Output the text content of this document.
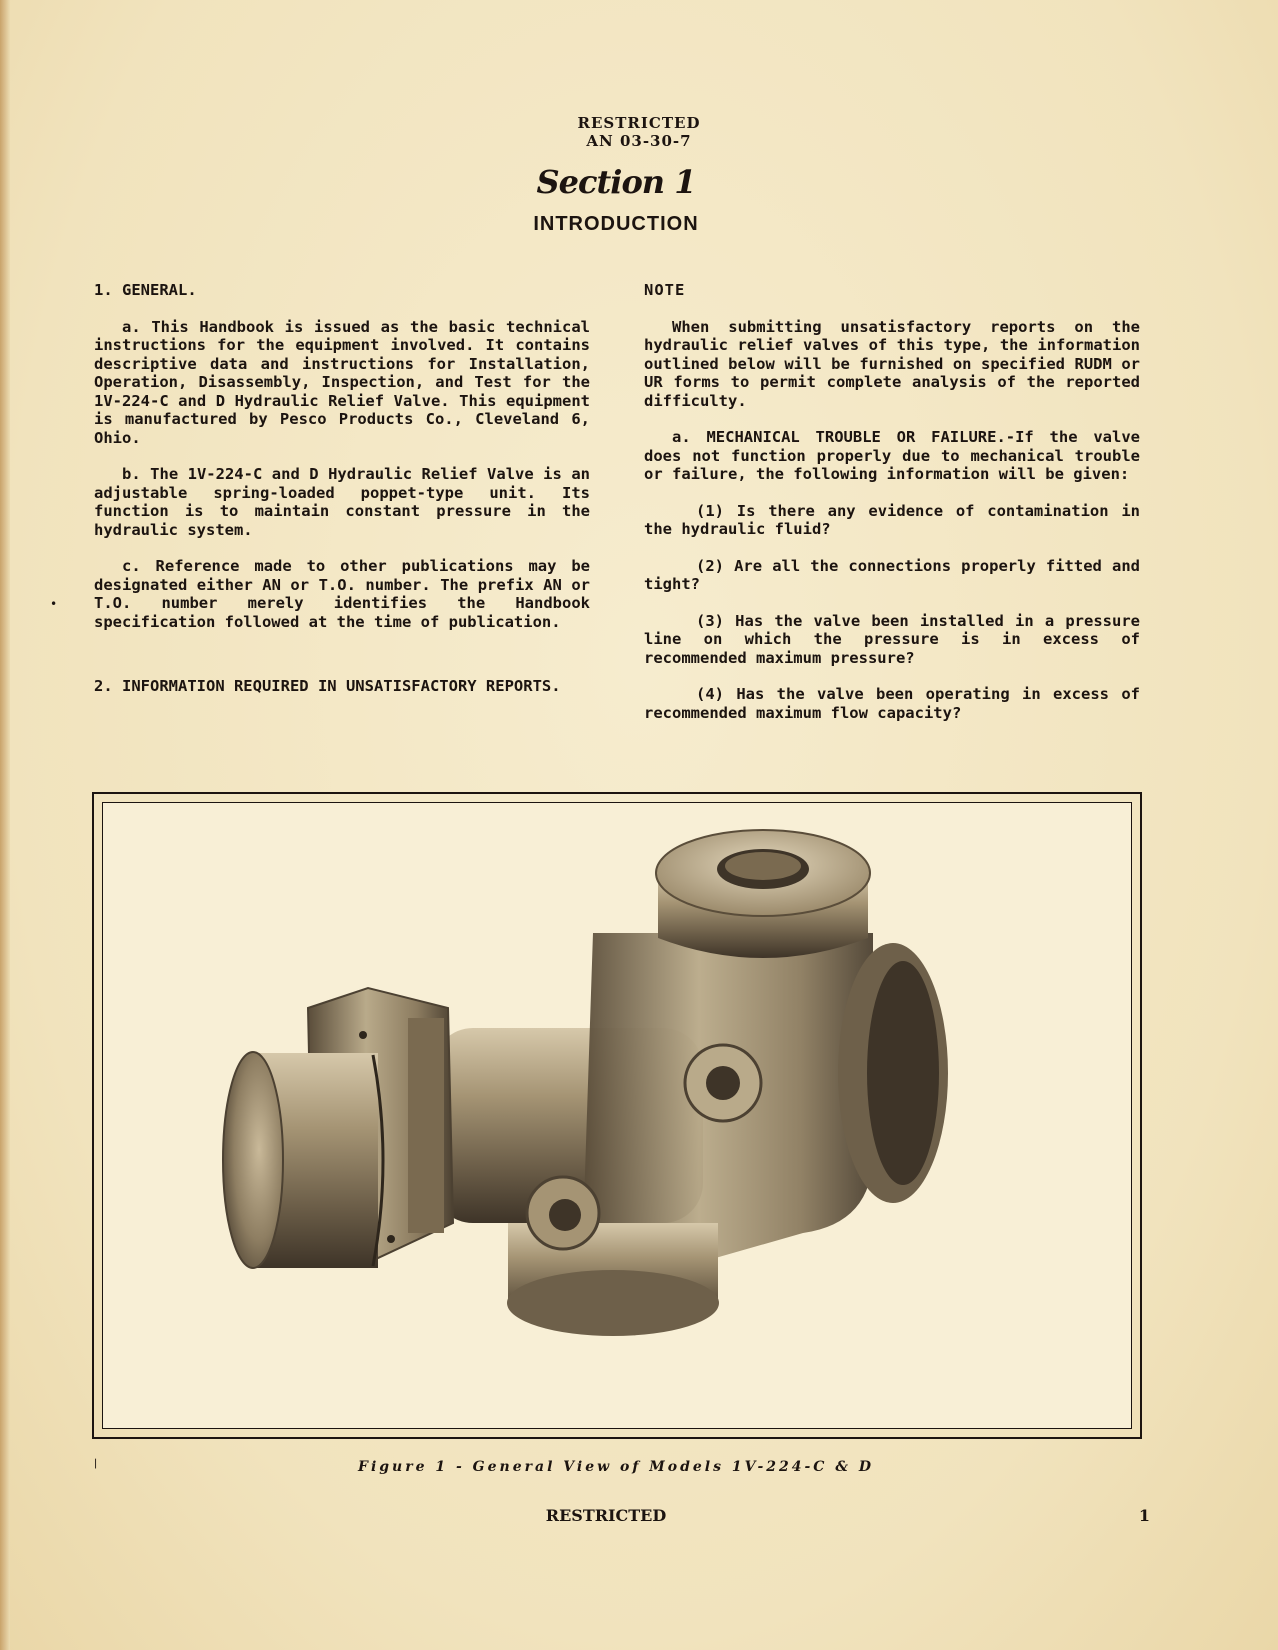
RESTRICTED
AN 03-30-7
Section 1
INTRODUCTION

1. GENERAL.

a. This Handbook is issued as the basic technical instructions for the equipment involved. It contains descriptive data and instructions for Installation, Operation, Disassembly, Inspection, and Test for the 1V-224-C and D Hydraulic Relief Valve. This equipment is manufactured by Pesco Products Co., Cleveland 6, Ohio.

b. The 1V-224-C and D Hydraulic Relief Valve is an adjustable spring-loaded poppet-type unit. Its function is to maintain constant pressure in the hydraulic system.

c. Reference made to other publications may be designated either AN or T.O. number. The prefix AN or T.O. number merely identifies the Handbook specification followed at the time of publication.

2. INFORMATION REQUIRED IN UNSATISFACTORY REPORTS.

NOTE

When submitting unsatisfactory reports on the hydraulic relief valves of this type, the information outlined below will be furnished on specified RUDM or UR forms to permit complete analysis of the reported difficulty.

a. MECHANICAL TROUBLE OR FAILURE.-If the valve does not function properly due to mechanical trouble or failure, the following information will be given:

(1) Is there any evidence of contamination in the hydraulic fluid?

(2) Are all the connections properly fitted and tight?

(3) Has the valve been installed in a pressure line on which the pressure is in excess of recommended maximum pressure?

(4) Has the valve been operating in excess of recommended maximum flow capacity?

Figure 1 - General View of Models 1V-224-C & D
RESTRICTED	1
•
❘
